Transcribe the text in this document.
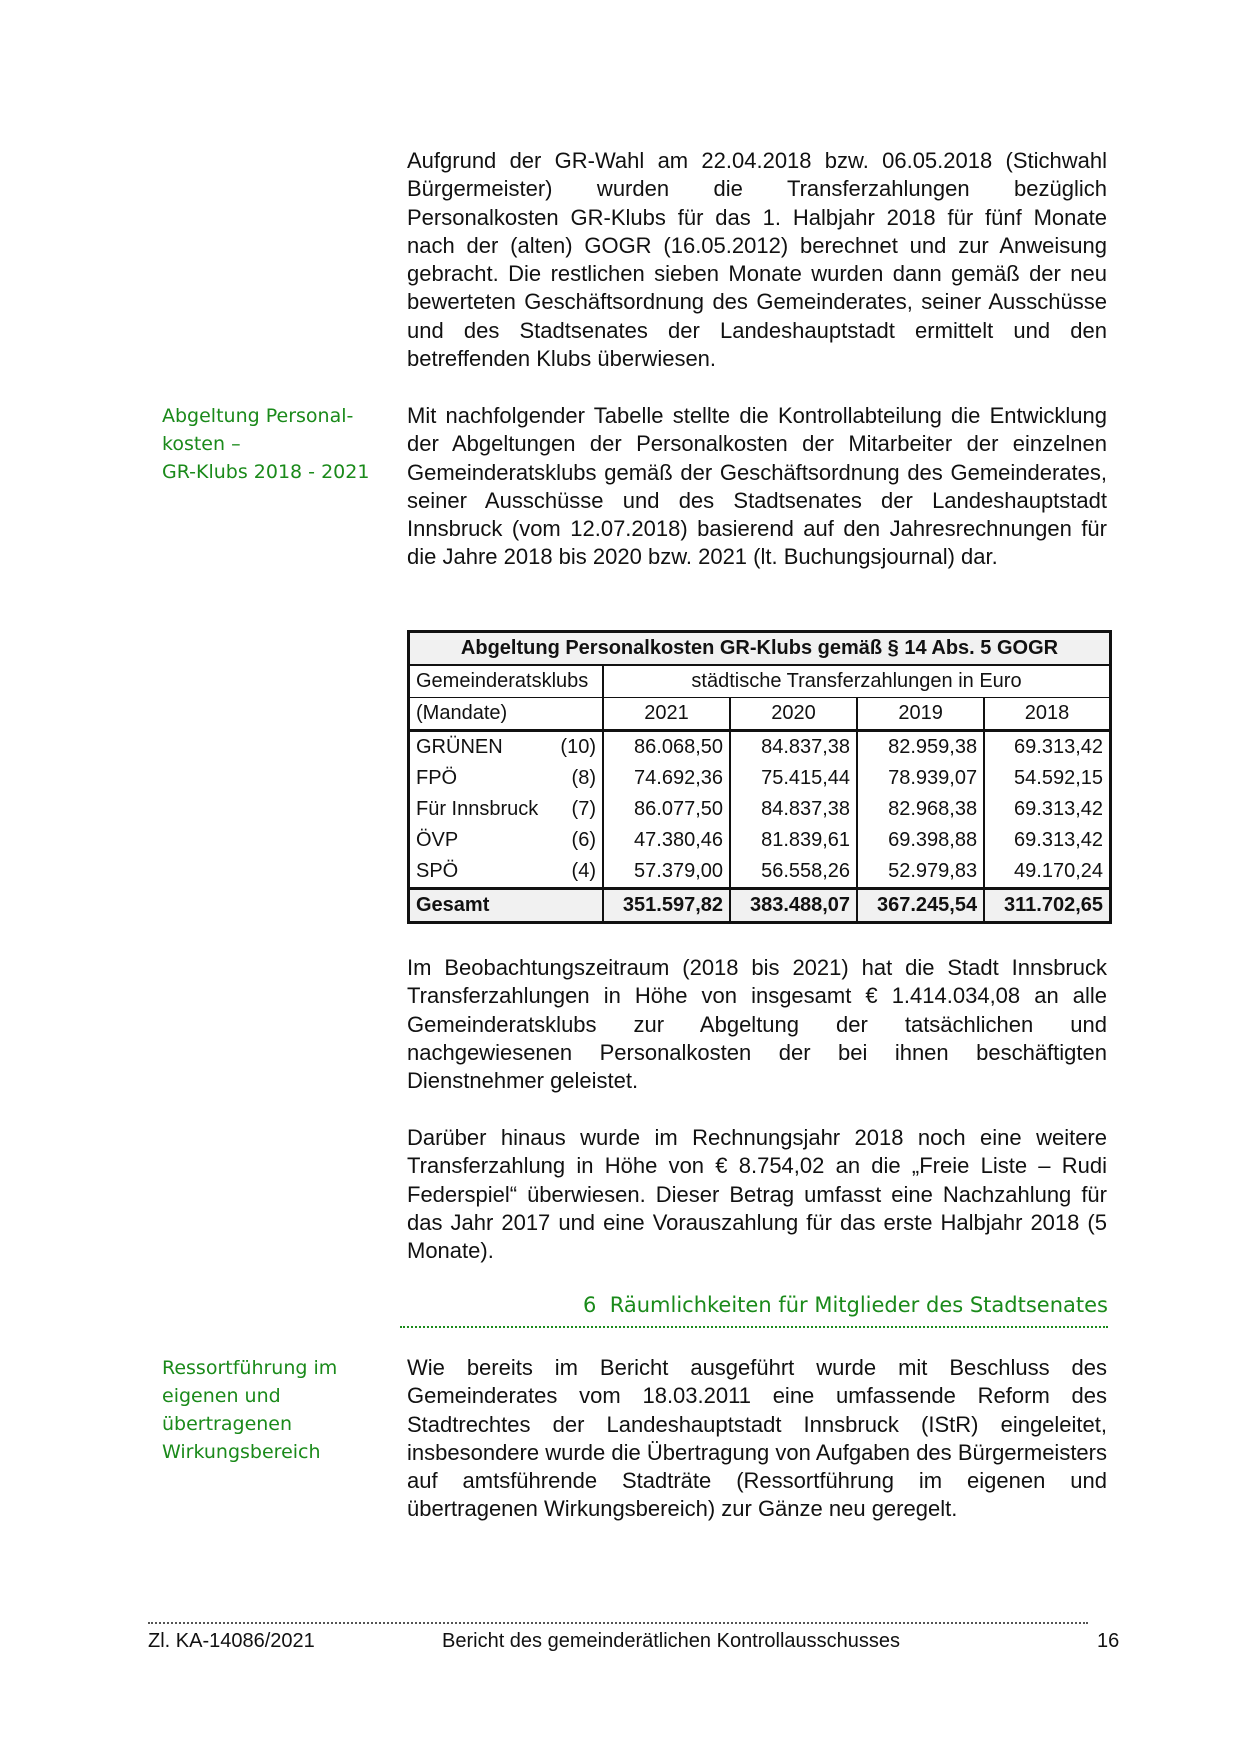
Aufgrund der GR-Wahl am 22.04.2018 bzw. 06.05.2018 (Stichwahl Bürgermeister) wurden die Transferzahlungen bezüglich Personalkosten GR-Klubs für das 1. Halbjahr 2018 für fünf Monate nach der (alten) GOGR (16.05.2012) berechnet und zur Anweisung gebracht. Die restlichen sieben Monate wurden dann gemäß der neu bewerteten Geschäftsordnung des Gemeinderates, seiner Ausschüsse und des Stadtsenates der Landeshauptstadt ermittelt und den betreffenden Klubs überwiesen.

Abgeltung Personal-
kosten –
GR-Klubs 2018 - 2021

Mit nachfolgender Tabelle stellte die Kontrollabteilung die Entwicklung der Abgeltungen der Personalkosten der Mitarbeiter der einzelnen Gemeinderatsklubs gemäß der Geschäftsordnung des Gemeinderates, seiner Ausschüsse und des Stadtsenates der Landeshauptstadt Innsbruck (vom 12.07.2018) basierend auf den Jahresrechnungen für die Jahre 2018 bis 2020 bzw. 2021 (lt. Buchungsjournal) dar.

Abgeltung Personalkosten GR-Klubs gemäß § 14 Abs. 5 GOGR				
Gemeinderatsklubs	städtische Transferzahlungen in Euro			
(Mandate)	2021	2020	2019	2018
GRÜNEN (10)	86.068,50	84.837,38	82.959,38	69.313,42
FPÖ (8)	74.692,36	75.415,44	78.939,07	54.592,15
Für Innsbruck (7)	86.077,50	84.837,38	82.968,38	69.313,42
ÖVP (6)	47.380,46	81.839,61	69.398,88	69.313,42
SPÖ (4)	57.379,00	56.558,26	52.979,83	49.170,24
Gesamt	351.597,82	383.488,07	367.245,54	311.702,65

Im Beobachtungszeitraum (2018 bis 2021) hat die Stadt Innsbruck Transferzahlungen in Höhe von insgesamt € 1.414.034,08 an alle Gemeinderatsklubs zur Abgeltung der tatsächlichen und nachgewiesenen Personalkosten der bei ihnen beschäftigten Dienstnehmer geleistet.

Darüber hinaus wurde im Rechnungsjahr 2018 noch eine weitere Transferzahlung in Höhe von € 8.754,02 an die „Freie Liste – Rudi Federspiel“ überwiesen. Dieser Betrag umfasst eine Nachzahlung für das Jahr 2017 und eine Vorauszahlung für das erste Halbjahr 2018 (5 Monate).

6 Räumlichkeiten für Mitglieder des Stadtsenates
Ressortführung im
eigenen und
übertragenen
Wirkungsbereich

Wie bereits im Bericht ausgeführt wurde mit Beschluss des Gemeinderates vom 18.03.2011 eine umfassende Reform des Stadtrechtes der Landeshauptstadt Innsbruck (IStR) eingeleitet, insbesondere wurde die Übertragung von Aufgaben des Bürgermeisters auf amtsführende Stadträte (Ressortführung im eigenen und übertragenen Wirkungsbereich) zur Gänze neu geregelt.

Zl. KA-14086/2021	Bericht des gemeinderätlichen Kontrollausschusses	16
